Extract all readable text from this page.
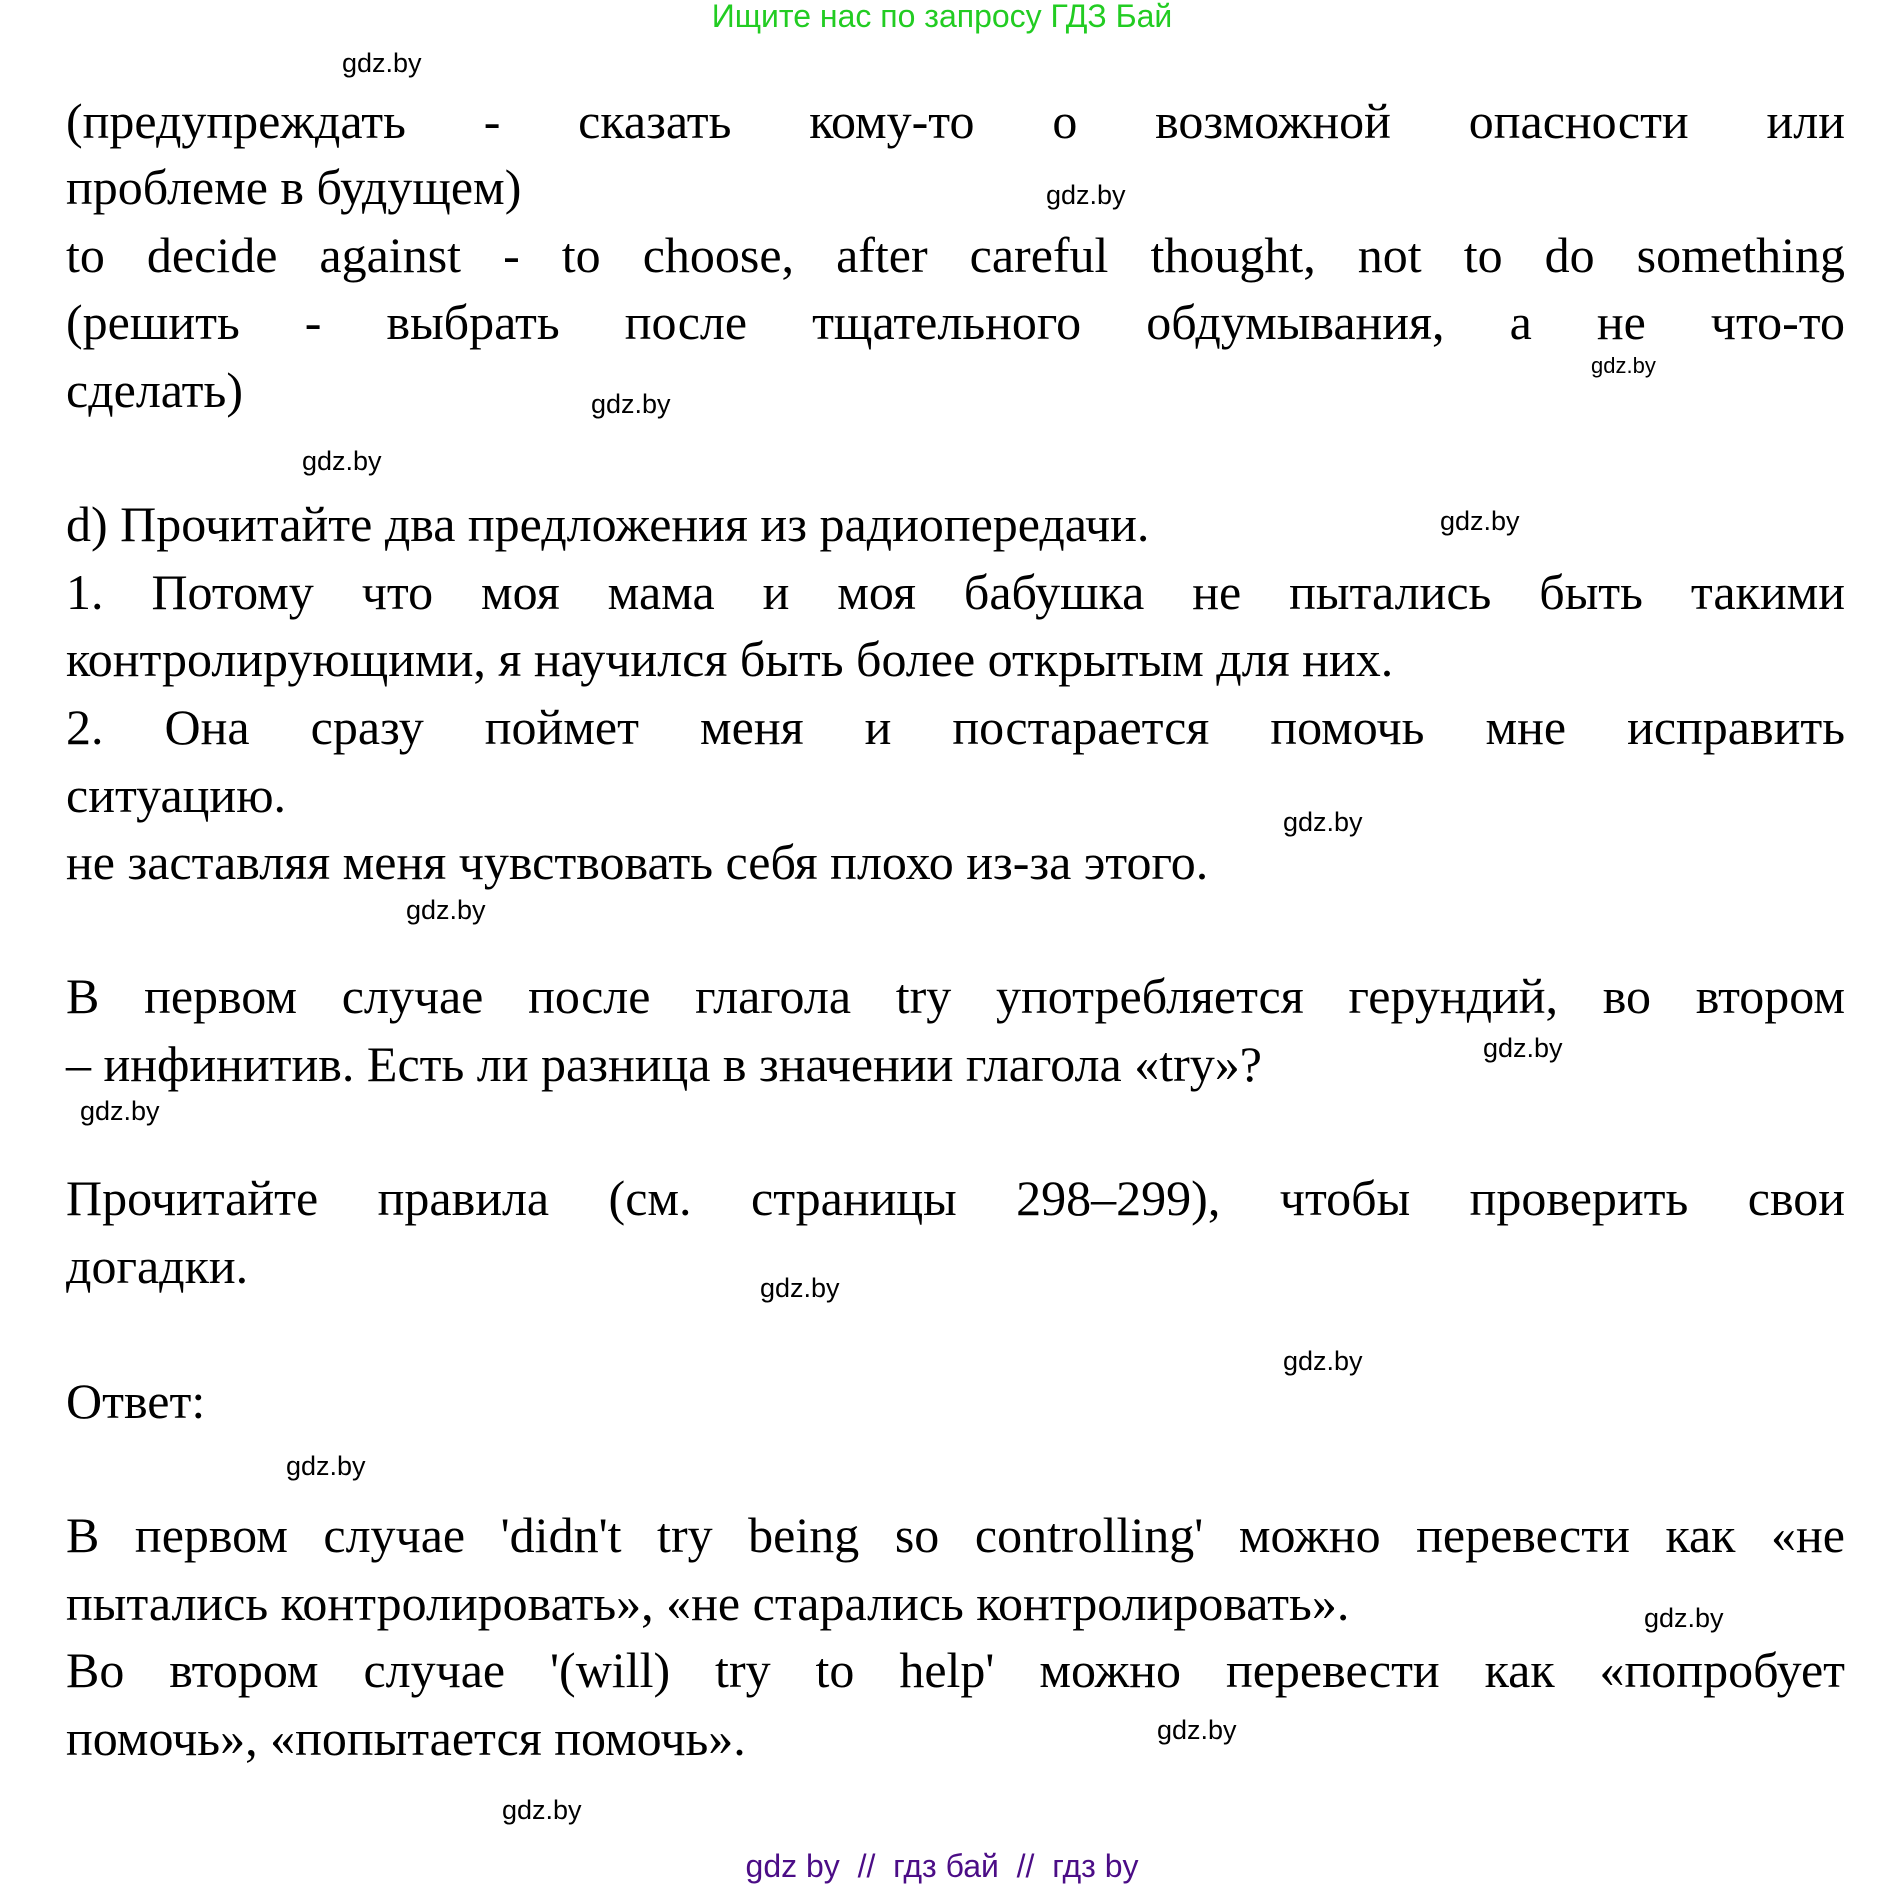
Ищите нас по запросу ГДЗ Бай
(предупреждать - сказать кому-то о возможной опасности или
проблеме в будущем)
to decide against - to choose, after careful thought, not to do something
(решить - выбрать после тщательного обдумывания, а не что-то
сделать)
d) Прочитайте два предложения из радиопередачи.
1. Потому что моя мама и моя бабушка не пытались быть такими
контролирующими, я научился быть более открытым для них.
2. Она сразу поймет меня и постарается помочь мне исправить
ситуацию.
не заставляя меня чувствовать себя плохо из-за этого.
В первом случае после глагола try употребляется герундий, во втором
– инфинитив. Есть ли разница в значении глагола «try»?
Прочитайте правила (см. страницы 298–299), чтобы проверить свои
догадки.
Ответ:
В первом случае 'didn't try being so controlling' можно перевести как «не
пытались контролировать», «не старались контролировать».
Во втором случае '(will) try to help' можно перевести как «попробует
помочь», «попытается помочь».
gdz.by
gdz.by
gdz.by
gdz.by
gdz.by
gdz.by
gdz.by
gdz.by
gdz.by
gdz.by
gdz.by
gdz.by
gdz.by
gdz.by
gdz.by
gdz.by
gdz by  //  гдз бай  //  гдз by
